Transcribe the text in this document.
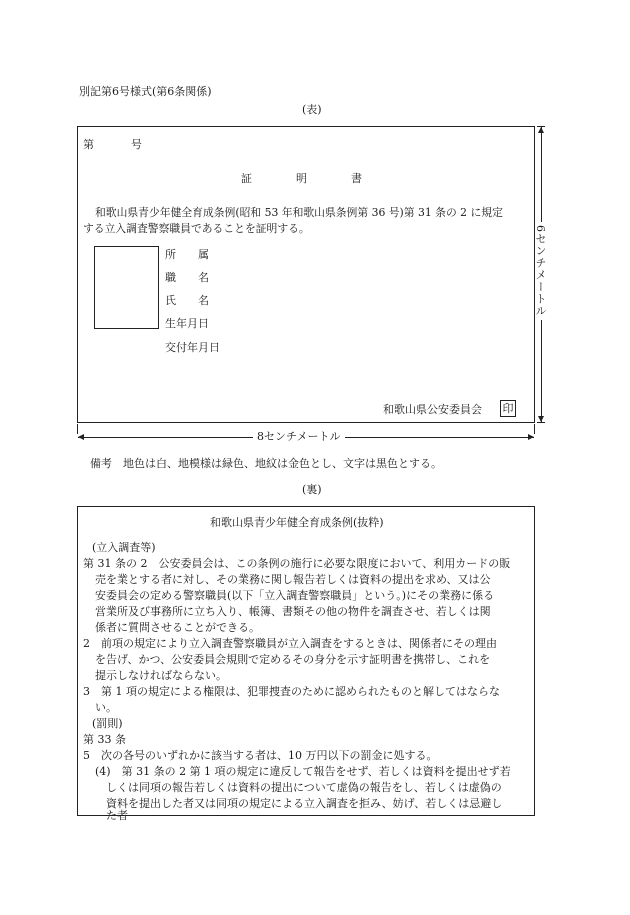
別記第6号様式(第6条関係)
(表)
第	号
証　　　　明　　　　書
和歌山県青少年健全育成条例(昭和 53 年和歌山県条例第 36 号)第 31 条の 2 に規定
する立入調査警察職員であることを証明する。
所　　属
職　　名
氏　　名
生年月日
交付年月日
和歌山県公安委員会 印
6センチメートル
8センチメートル
備考　地色は白、地模様は緑色、地紋は金色とし、文字は黒色とする。
(裏)
和歌山県青少年健全育成条例(抜粋)
(立入調査等)
第 31 条の 2　公安委員会は、この条例の施行に必要な限度において、利用カードの販
売を業とする者に対し、その業務に関し報告若しくは資料の提出を求め、又は公
安委員会の定める警察職員(以下「立入調査警察職員」という。)にその業務に係る
営業所及び事務所に立ち入り、帳簿、書類その他の物件を調査させ、若しくは関
係者に質問させることができる。
2　前項の規定により立入調査警察職員が立入調査をするときは、関係者にその理由
を告げ、かつ、公安委員会規則で定めるその身分を示す証明書を携帯し、これを
提示しなければならない。
3　第 1 項の規定による権限は、犯罪捜査のために認められたものと解してはならな
い。
(罰則)
第 33 条
5　次の各号のいずれかに該当する者は、10 万円以下の罰金に処する。
(4)　第 31 条の 2 第 1 項の規定に違反して報告をせず、若しくは資料を提出せず若
しくは同項の報告若しくは資料の提出について虚偽の報告をし、若しくは虚偽の
資料を提出した者又は同項の規定による立入調査を拒み、妨げ、若しくは忌避し
た者
